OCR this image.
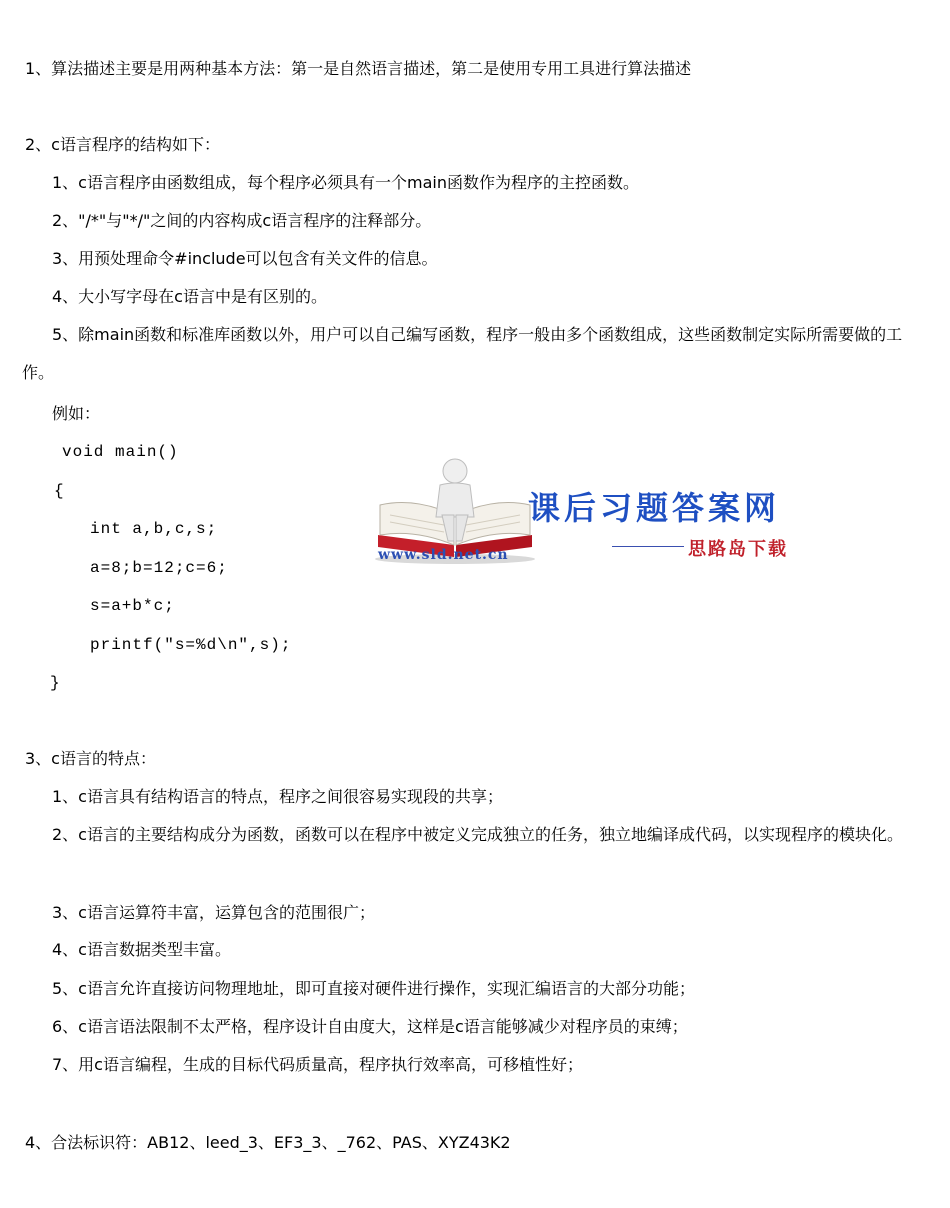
1、算法描述主要是用两种基本方法：第一是自然语言描述，第二是使用专用工具进行算法描述
2、c语言程序的结构如下：
1、c语言程序由函数组成，每个程序必须具有一个main函数作为程序的主控函数。
2、"/*"与"*/"之间的内容构成c语言程序的注释部分。
3、用预处理命令#include可以包含有关文件的信息。
4、大小写字母在c语言中是有区别的。
5、除main函数和标准库函数以外，用户可以自己编写函数，程序一般由多个函数组成，这些函数制定实际所需要做的工作。
例如：
void main()
{
int a,b,c,s;
a=8;b=12;c=6;
s=a+b*c;
printf("s=%d\n",s);
}
3、c语言的特点：
1、c语言具有结构语言的特点，程序之间很容易实现段的共享；
2、c语言的主要结构成分为函数，函数可以在程序中被定义完成独立的任务，独立地编译成代码，以实现程序的模块化。
3、c语言运算符丰富，运算包含的范围很广；
4、c语言数据类型丰富。
5、c语言允许直接访问物理地址，即可直接对硬件进行操作，实现汇编语言的大部分功能；
6、c语言语法限制不太严格，程序设计自由度大，这样是c语言能够减少对程序员的束缚；
7、用c语言编程，生成的目标代码质量高，程序执行效率高，可移植性好；
4、合法标识符：AB12、leed_3、EF3_3、_762、PAS、XYZ43K2
www.sld.net.cn
课后习题答案网
思路岛下载
